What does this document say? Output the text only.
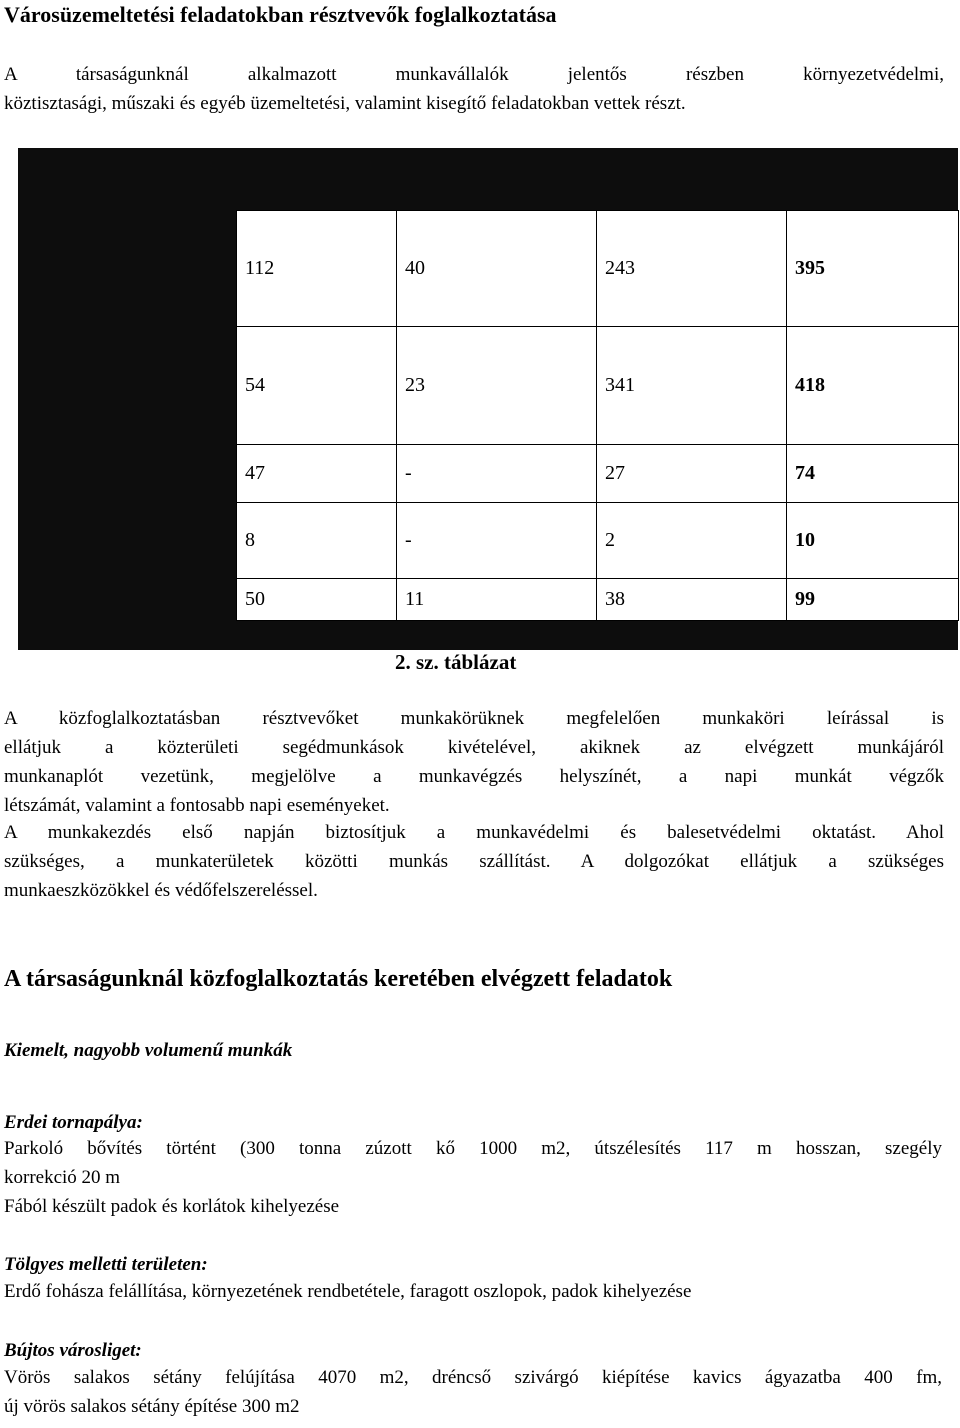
Városüzemeltetési feladatokban résztvevők foglalkoztatása

A társaságunknál alkalmazott munkavállalók jelentős részben környezetvédelmi,
köztisztasági, műszaki és egyéb üzemeltetési, valamint kisegítő feladatokban vettek részt.

112	40	243	395
54	23	341	418
47	-	27	74
8	-	2	10
50	11	38	99

2. sz. táblázat

A közfoglalkoztatásban résztvevőket munkakörüknek megfelelően munkaköri leírással is
ellátjuk a közterületi segédmunkások kivételével, akiknek az elvégzett munkájáról
munkanaplót vezetünk, megjelölve a munkavégzés helyszínét, a napi munkát végzők
létszámát, valamint a fontosabb napi eseményeket.

A munkakezdés első napján biztosítjuk a munkavédelmi és balesetvédelmi oktatást. Ahol
szükséges, a munkaterületek közötti munkás szállítást. A dolgozókat ellátjuk a szükséges
munkaeszközökkel és védőfelszereléssel.

A társaságunknál közfoglalkoztatás keretében elvégzett feladatok

Kiemelt, nagyobb volumenű munkák

Erdei tornapálya:

Parkoló bővítés történt (300 tonna zúzott kő 1000 m2, útszélesítés 117 m hosszan, szegély

korrekció 20 m

Fából készült padok és korlátok kihelyezése

Tölgyes melletti területen:

Erdő fohásza felállítása, környezetének rendbetétele, faragott oszlopok, padok kihelyezése

Bújtos városliget:

Vörös salakos sétány felújítása 4070 m2, dréncső szivárgó kiépítése kavics ágyazatba 400 fm,

új vörös salakos sétány építése 300 m2
